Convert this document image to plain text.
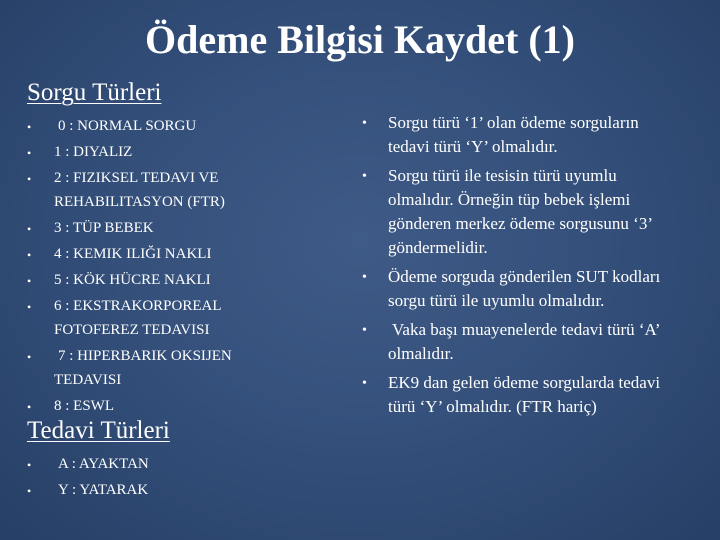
Ödeme Bilgisi Kaydet (1)
Sorgu Türleri
• 0 : NORMAL SORGU
• 1 : DIYALIZ
• 2 : FIZIKSEL TEDAVI VE REHABILITASYON (FTR)
• 3 : TÜP BEBEK
• 4 : KEMIK ILIĞI NAKLI
• 5 : KÖK HÜCRE NAKLI
• 6 : EKSTRAKORPOREAL FOTOFEREZ TEDAVISI
• 7 : HIPERBARIK OKSIJEN TEDAVISI
• 8 : ESWL
Tedavi Türleri
• A : AYAKTAN
• Y : YATARAK
• Sorgu türü ‘1’ olan ödeme sorguların tedavi türü ‘Y’ olmalıdır.
• Sorgu türü ile tesisin türü uyumlu olmalıdır. Örneğin tüp bebek işlemi gönderen merkez ödeme sorgusunu ‘3’ göndermelidir.
• Ödeme sorguda gönderilen SUT kodları sorgu türü ile uyumlu olmalıdır.
• Vaka başı muayenelerde tedavi türü ‘A’ olmalıdır.
• EK9 dan gelen ödeme sorgularda tedavi türü ‘Y’ olmalıdır. (FTR hariç)
